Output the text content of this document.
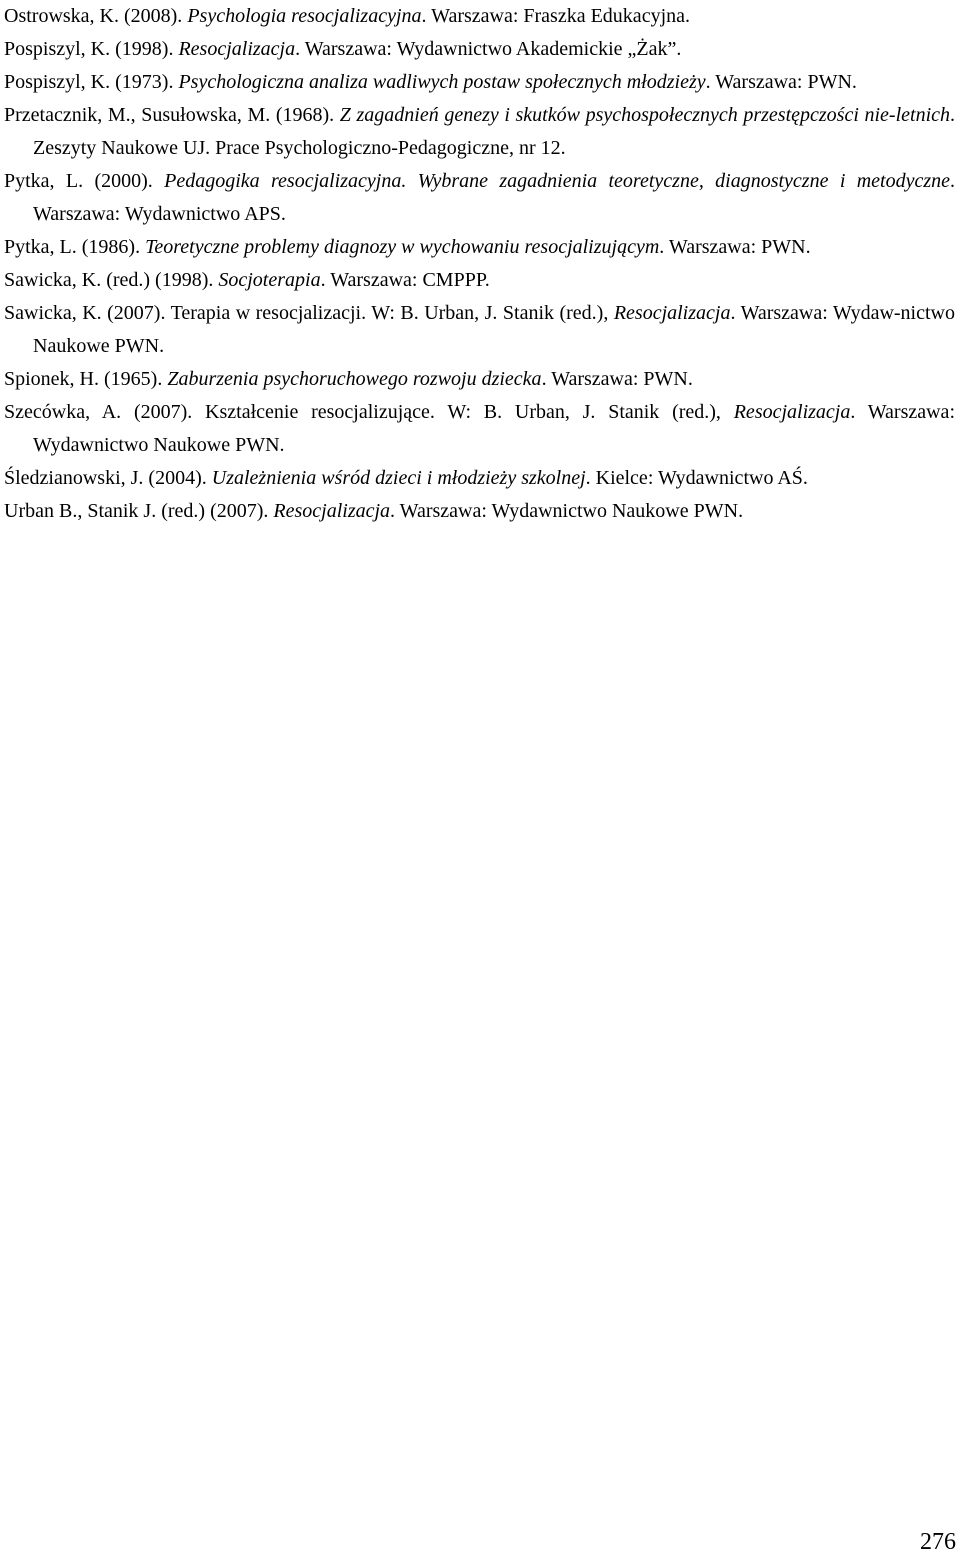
Ostrowska, K. (2008). Psychologia resocjalizacyjna. Warszawa: Fraszka Edukacyjna.
Pospiszyl, K. (1998). Resocjalizacja. Warszawa: Wydawnictwo Akademickie „Żak”.
Pospiszyl, K. (1973). Psychologiczna analiza wadliwych postaw społecznych młodzieży. Warszawa: PWN.
Przetacznik, M., Susułowska, M. (1968). Z zagadnień genezy i skutków psychospołecznych przestępczości nie-letnich. Zeszyty Naukowe UJ. Prace Psychologiczno-Pedagogiczne, nr 12.
Pytka, L. (2000). Pedagogika resocjalizacyjna. Wybrane zagadnienia teoretyczne, diagnostyczne i metodyczne. Warszawa: Wydawnictwo APS.
Pytka, L. (1986). Teoretyczne problemy diagnozy w wychowaniu resocjalizującym. Warszawa: PWN.
Sawicka, K. (red.) (1998). Socjoterapia. Warszawa: CMPPP.
Sawicka, K. (2007). Terapia w resocjalizacji. W: B. Urban, J. Stanik (red.), Resocjalizacja. Warszawa: Wydaw-nictwo Naukowe PWN.
Spionek, H. (1965). Zaburzenia psychoruchowego rozwoju dziecka. Warszawa: PWN.
Szecówka, A. (2007). Kształcenie resocjalizujące. W: B. Urban, J. Stanik (red.), Resocjalizacja. Warszawa: Wydawnictwo Naukowe PWN.
Śledzianowski, J. (2004). Uzależnienia wśród dzieci i młodzieży szkolnej. Kielce: Wydawnictwo AŚ.
Urban B., Stanik J. (red.) (2007). Resocjalizacja. Warszawa: Wydawnictwo Naukowe PWN.
276
